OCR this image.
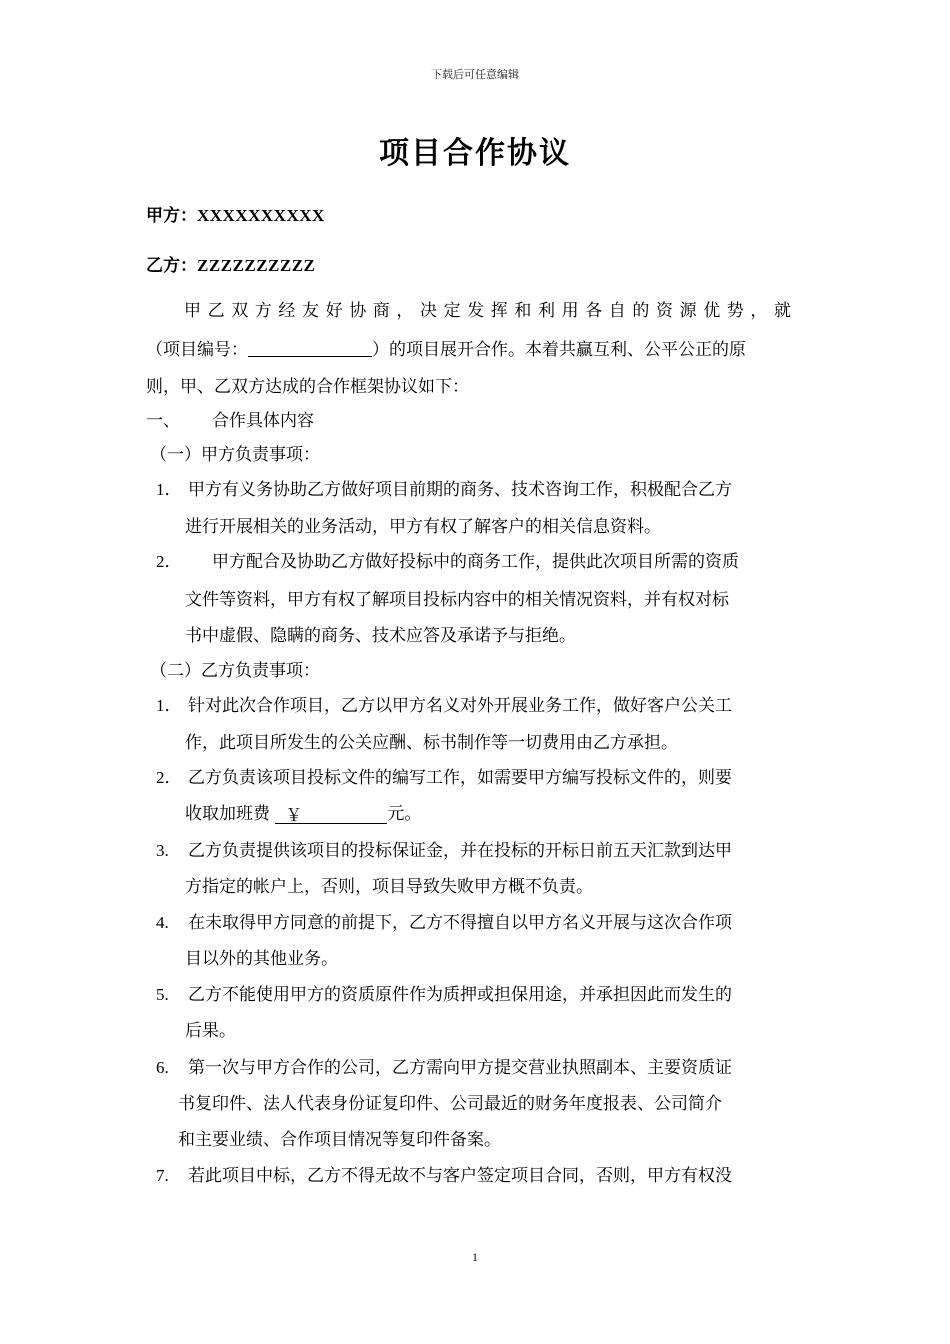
下载后可任意编辑
项目合作协议
甲方：XXXXXXXXXX
乙方：ZZZZZZZZZZ
甲乙双方经友好协商，决定发挥和利用各自的资源优势，就
（项目编号：	）的项目展开合作。本着共赢互利、公平公正的原
则，甲、乙双方达成的合作框架协议如下：
一、 合作具体内容
（一）甲方负责事项：
1． 甲方有义务协助乙方做好项目前期的商务、技术咨询工作，积极配合乙方
进行开展相关的业务活动，甲方有权了解客户的相关信息资料。
2． 甲方配合及协助乙方做好投标中的商务工作，提供此次项目所需的资质
文件等资料，甲方有权了解项目投标内容中的相关情况资料，并有权对标
书中虚假、隐瞒的商务、技术应答及承诺予与拒绝。
（二）乙方负责事项：
1． 针对此次合作项目，乙方以甲方名义对外开展业务工作，做好客户公关工
作，此项目所发生的公关应酬、标书制作等一切费用由乙方承担。
2． 乙方负责该项目投标文件的编写工作，如需要甲方编写投标文件的，则要
收取加班费 ￥	元。
3. 乙方负责提供该项目的投标保证金，并在投标的开标日前五天汇款到达甲
方指定的帐户上，否则，项目导致失败甲方概不负责。
4. 在未取得甲方同意的前提下，乙方不得擅自以甲方名义开展与这次合作项
目以外的其他业务。
5. 乙方不能使用甲方的资质原件作为质押或担保用途，并承担因此而发生的
后果。
6. 第一次与甲方合作的公司，乙方需向甲方提交营业执照副本、主要资质证
书复印件、法人代表身份证复印件、公司最近的财务年度报表、公司简介
和主要业绩、合作项目情况等复印件备案。
7. 若此项目中标，乙方不得无故不与客户签定项目合同，否则，甲方有权没
1
